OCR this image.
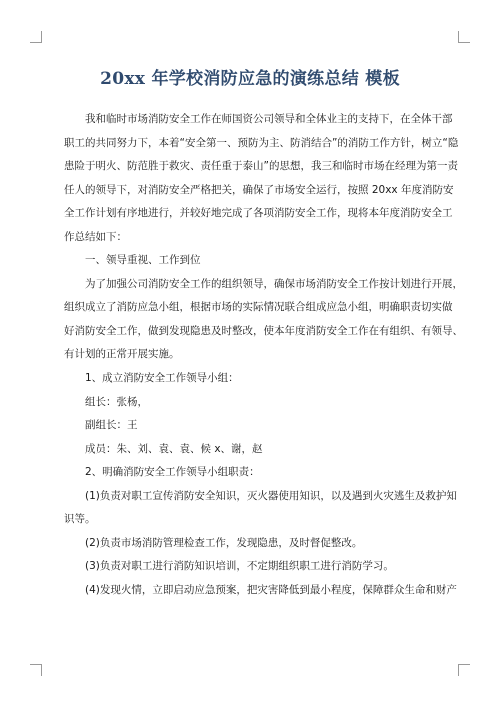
20xx 年学校消防应急的演练总结 模板
我和临时市场消防安全工作在师国资公司领导和全体业主的支持下，在全体干部
职工的共同努力下，本着“安全第一、预防为主、防消结合”的消防工作方针，树立“隐
患险于明火、防范胜于救灾、责任重于泰山”的思想，我三和临时市场在经理为第一责
任人的领导下，对消防安全严格把关，确保了市场安全运行，按照 20xx 年度消防安
全工作计划有序地进行，并较好地完成了各项消防安全工作，现将本年度消防安全工
作总结如下：
一、领导重视、工作到位
为了加强公司消防安全工作的组织领导，确保市场消防安全工作按计划进行开展，
组织成立了消防应急小组，根据市场的实际情况联合组成应急小组，明确职责切实做
好消防安全工作，做到发现隐患及时整改，使本年度消防安全工作在有组织、有领导、
有计划的正常开展实施。
1、成立消防安全工作领导小组：
组长：张杨，
副组长：王
成员：朱、刘、袁、袁、候 x、谢，赵
2、明确消防安全工作领导小组职责：
(1)负责对职工宣传消防安全知识，灭火器使用知识，以及遇到火灾逃生及救护知
识等。
(2)负责市场消防管理检查工作，发现隐患，及时督促整改。
(3)负责对职工进行消防知识培训，不定期组织职工进行消防学习。
(4)发现火情，立即启动应急预案，把灾害降低到最小程度，保障群众生命和财产
